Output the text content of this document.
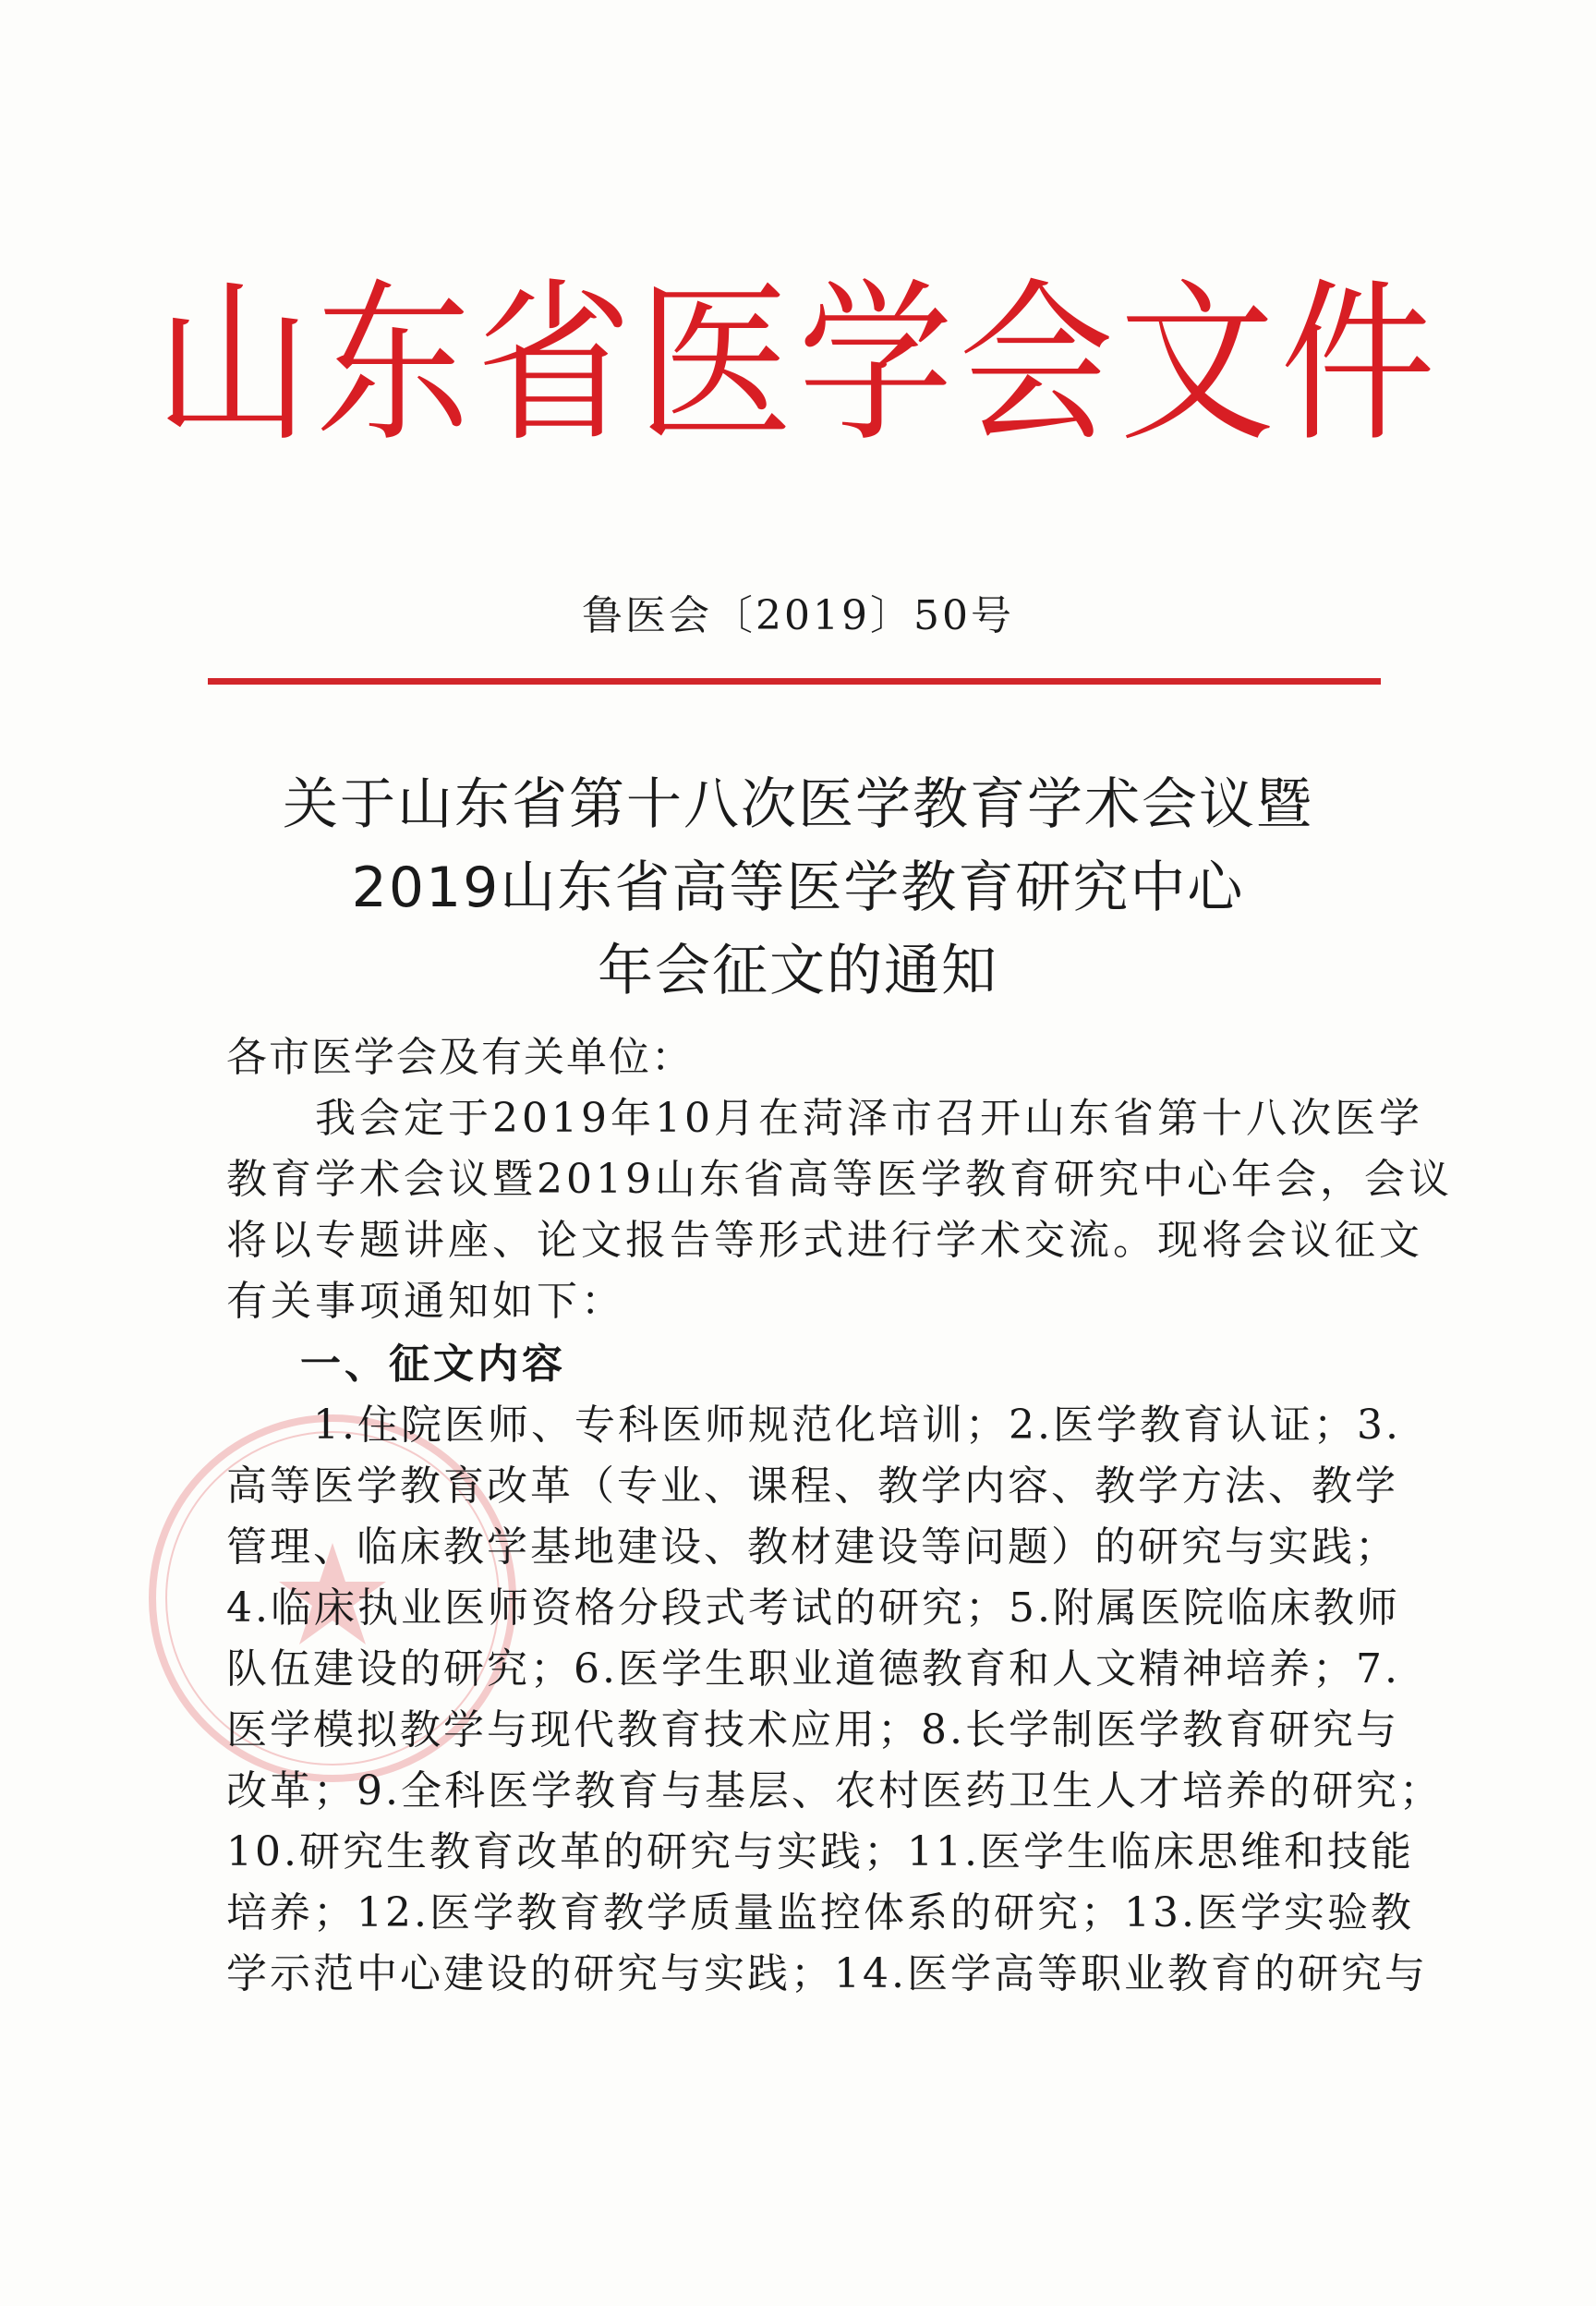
山东省医学会文件
鲁医会〔2019〕50号
关于山东省第十八次医学教育学术会议暨
2019山东省高等医学教育研究中心
年会征文的通知
各市医学会及有关单位：
　　我会定于2019年10月在菏泽市召开山东省第十八次医学
教育学术会议暨2019山东省高等医学教育研究中心年会，会议
将以专题讲座、论文报告等形式进行学术交流。现将会议征文
有关事项通知如下：
一、征文内容
　　1.住院医师、专科医师规范化培训；2.医学教育认证；3.
高等医学教育改革（专业、课程、教学内容、教学方法、教学
管理、临床教学基地建设、教材建设等问题）的研究与实践；
4.临床执业医师资格分段式考试的研究；5.附属医院临床教师
队伍建设的研究；6.医学生职业道德教育和人文精神培养；7.
医学模拟教学与现代教育技术应用；8.长学制医学教育研究与
改革；9.全科医学教育与基层、农村医药卫生人才培养的研究；
10.研究生教育改革的研究与实践；11.医学生临床思维和技能
培养；12.医学教育教学质量监控体系的研究；13.医学实验教
学示范中心建设的研究与实践；14.医学高等职业教育的研究与
